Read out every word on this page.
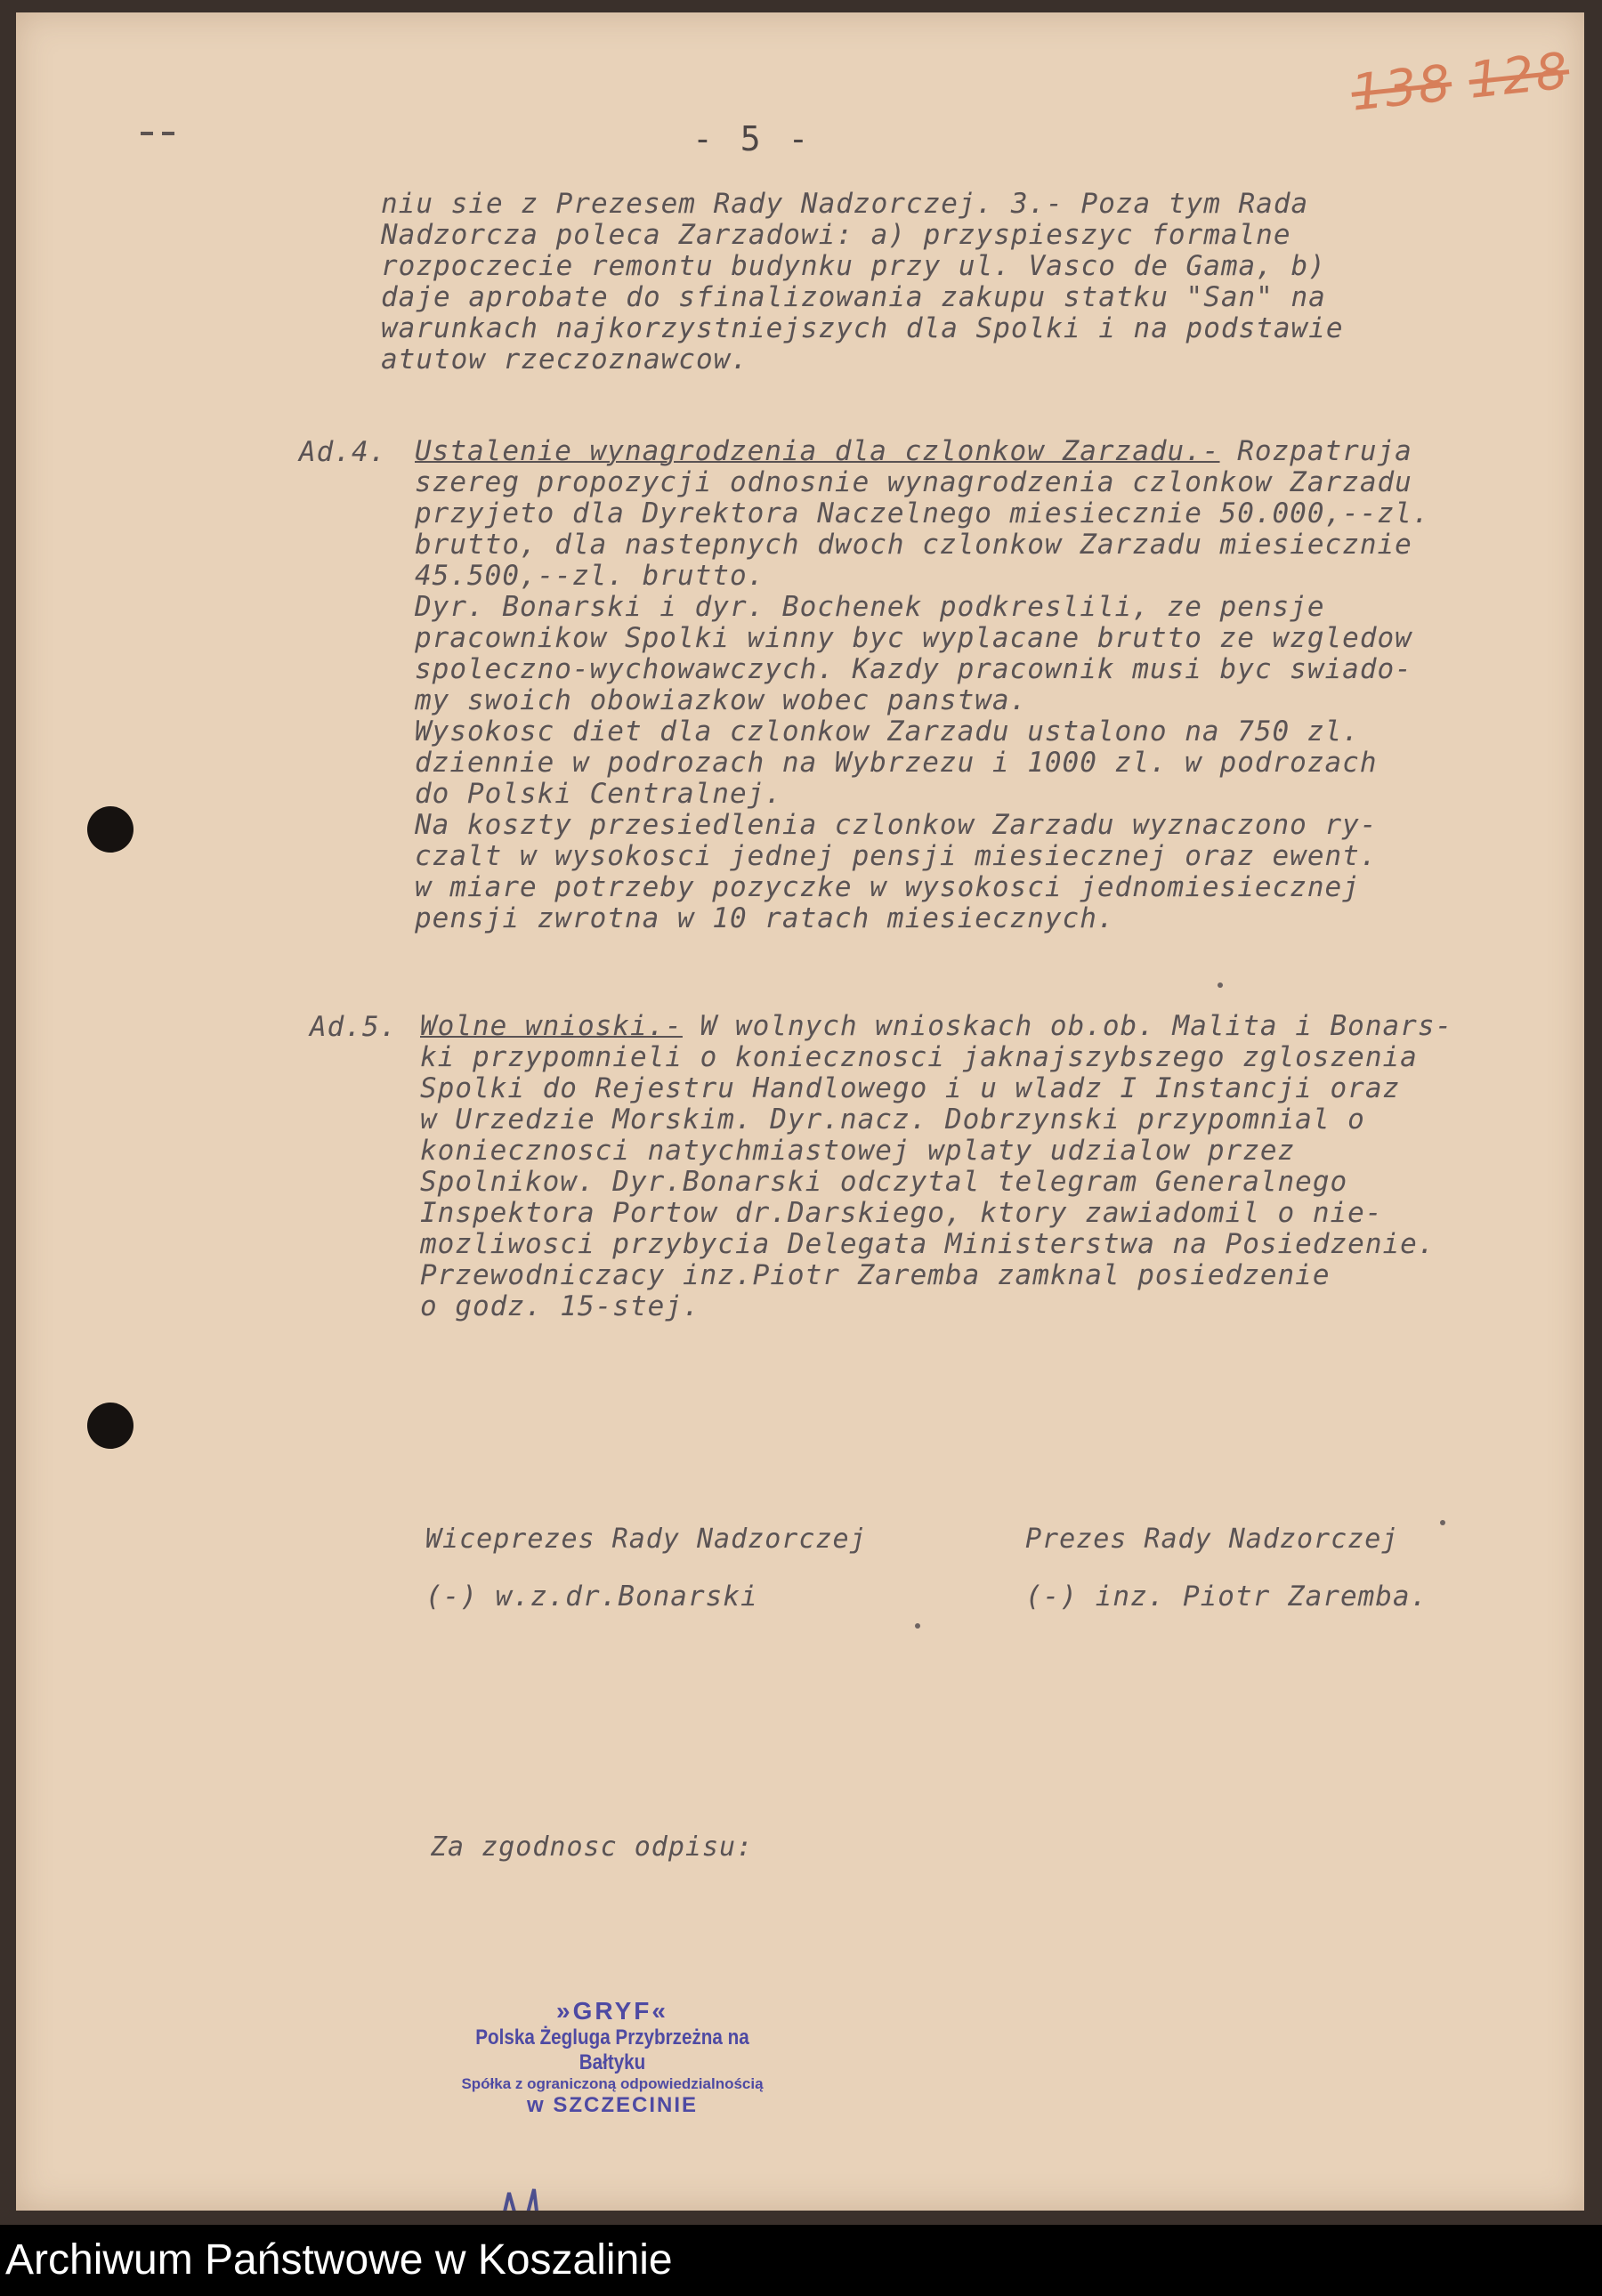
138 128
- 5 -
niu sie z Prezesem Rady Nadzorczej. 3.- Poza tym Rada
Nadzorcza poleca Zarzadowi: a) przyspieszyc formalne
rozpoczecie remontu budynku przy ul. Vasco de Gama, b)
daje aprobate do sfinalizowania zakupu statku "San" na
warunkach najkorzystniejszych dla Spolki i na podstawie
atutow rzeczoznawcow.
Ad.4. Ustalenie wynagrodzenia dla czlonkow Zarzadu.- Rozpatruja
szereg propozycji odnosnie wynagrodzenia czlonkow Zarzadu
przyjeto dla Dyrektora Naczelnego miesiecznie 50.000,--zl.
brutto, dla nastepnych dwoch czlonkow Zarzadu miesiecznie
45.500,--zl. brutto.
Dyr. Bonarski i dyr. Bochenek podkreslili, ze pensje
pracownikow Spolki winny byc wyplacane brutto ze wzgledow
spoleczno-wychowawczych. Kazdy pracownik musi byc swiado-
my swoich obowiazkow wobec panstwa.
Wysokosc diet dla czlonkow Zarzadu ustalono na 750 zl.
dziennie w podrozach na Wybrzezu i 1000 zl. w podrozach
do Polski Centralnej.
Na koszty przesiedlenia czlonkow Zarzadu wyznaczono ry-
czalt w wysokosci jednej pensji miesiecznej oraz ewent.
w miare potrzeby pozyczke w wysokosci jednomiesiecznej
pensji zwrotna w 10 ratach miesiecznych.
Ad.5. Wolne wnioski.- W wolnych wnioskach ob.ob. Malita i Bonars-
ki przypomnieli o koniecznosci jaknajszybszego zgloszenia
Spolki do Rejestru Handlowego i u wladz I Instancji oraz
w Urzedzie Morskim. Dyr.nacz. Dobrzynski przypomnial o
koniecznosci natychmiastowej wplaty udzialow przez
Spolnikow. Dyr.Bonarski odczytal telegram Generalnego
Inspektora Portow dr.Darskiego, ktory zawiadomil o nie-
mozliwosci przybycia Delegata Ministerstwa na Posiedzenie.
Przewodniczacy inz.Piotr Zaremba zamknal posiedzenie
o godz. 15-stej.
Wiceprezes Rady Nadzorczej
(-) w.z.dr.Bonarski
Prezes Rady Nadzorczej
(-) inz. Piotr Zaremba.
Za zgodnosc odpisu:
»GRYF«
Polska Żegluga Przybrzeżna na Bałtyku
Spółka z ograniczoną odpowiedzialnością
w SZCZECINIE
Archiwum Państwowe w Koszalinie
